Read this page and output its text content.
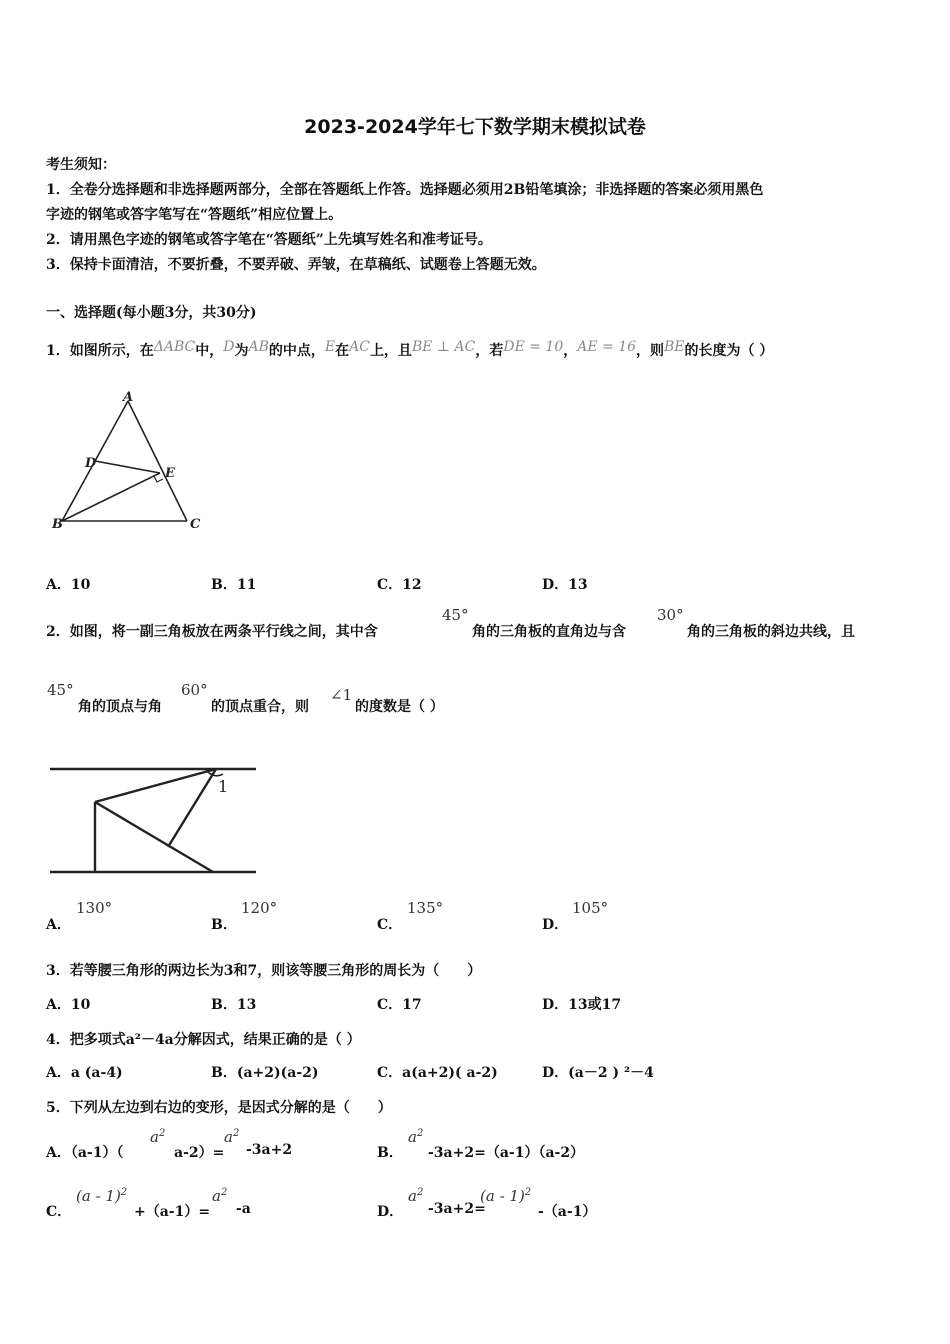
2023-2024学年七下数学期末模拟试卷
考生须知：
1．全卷分选择题和非选择题两部分，全部在答题纸上作答。选择题必须用2B铅笔填涂；非选择题的答案必须用黑色
字迹的钢笔或答字笔写在“答题纸”相应位置上。
2．请用黑色字迹的钢笔或答字笔在“答题纸”上先填写姓名和准考证号。
3．保持卡面清洁，不要折叠，不要弄破、弄皱，在草稿纸、试题卷上答题无效。
一、选择题(每小题3分，共30分)
1．如图所示，在ΔABC中，D为AB的中点，E在AC上，且BE ⊥ AC，若DE = 10，AE = 16，则BE的长度为（ ）
A
B	C
D
E
A．10	B．11	C．12	D．13
2．如图，将一副三角板放在两条平行线之间，其中含
45°
角的三角板的直角边与含
30°
角的三角板的斜边共线，且
45°
角的顶点与角
60°
的顶点重合，则
∠1
的度数是（ ）
1
A．
130°
B．
120°
C．
135°
D．
105°
3．若等腰三角形的两边长为3和7，则该等腰三角形的周长为（　　）
A．10	B．13	C．17	D．13或17
4．把多项式a²－4a分解因式，结果正确的是（ ）
A．a (a-4)	B．(a+2)(a-2)	C．a(a+2)( a-2)	D．(a－2 ) ²－4
5．下列从左边到右边的变形，是因式分解的是（　　）
A．（a-1）（
$a^2$
a-2）=
$a^2$
-3a+2	B．
$a^2$
-3a+2=（a-1）（a-2）
C．
(a - 1)$^2$
+（a-1）=
$a^2$
-a	D．
$a^2$
-3a+2=
(a - 1)$^2$
-（a-1）
